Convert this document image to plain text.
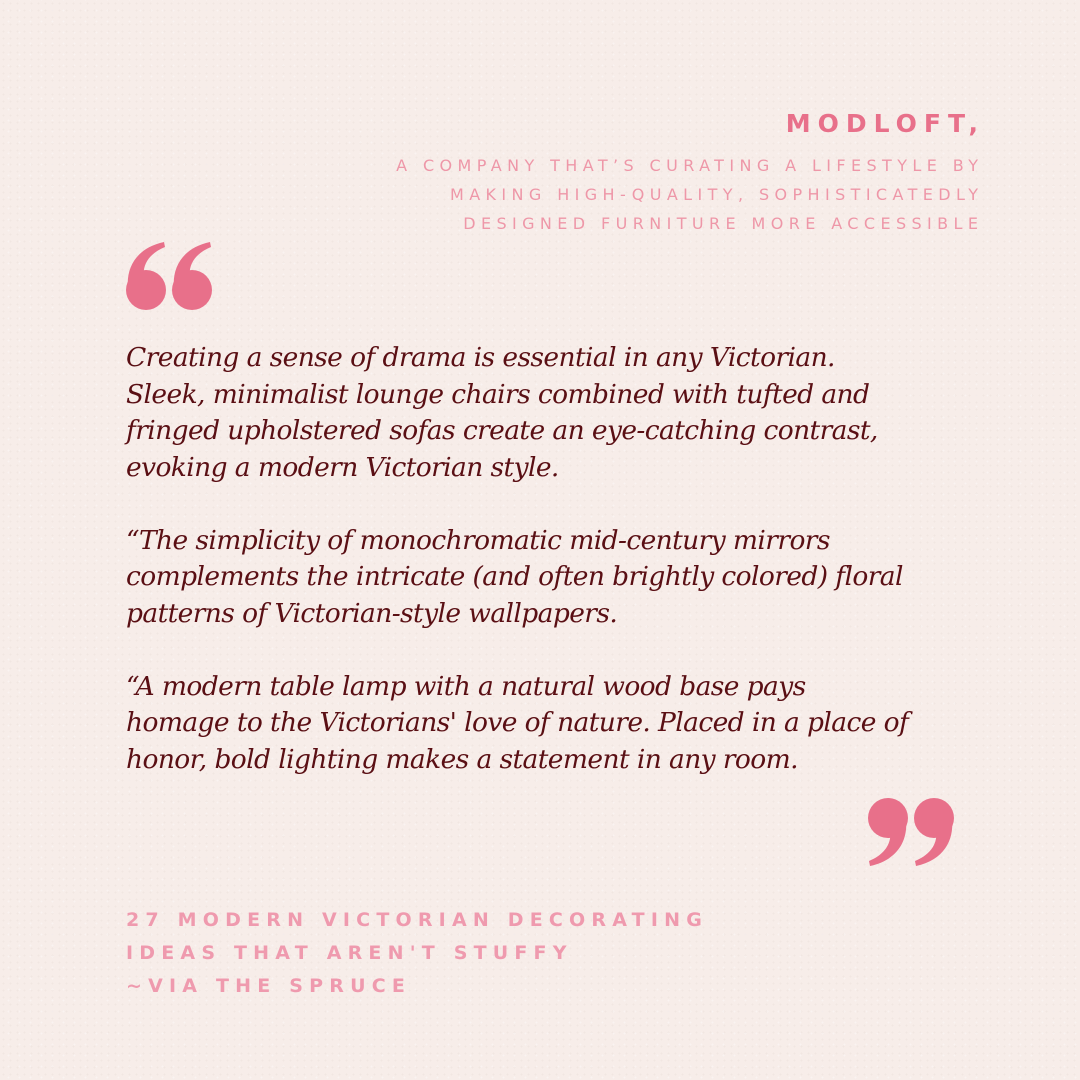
MODLOFT,
A COMPANY THAT’S CURATING A LIFESTYLE BY
MAKING HIGH-QUALITY, SOPHISTICATEDLY
DESIGNED FURNITURE MORE ACCESSIBLE
Creating a sense of drama is essential in any Victorian.
Sleek, minimalist lounge chairs combined with tufted and
fringed upholstered sofas create an eye-catching contrast,
evoking a modern Victorian style.
“The simplicity of monochromatic mid-century mirrors
complements the intricate (and often brightly colored) floral
patterns of Victorian-style wallpapers.
“A modern table lamp with a natural wood base pays
homage to the Victorians' love of nature. Placed in a place of
honor, bold lighting makes a statement in any room.
27 MODERN VICTORIAN DECORATING
IDEAS THAT AREN'T STUFFY
~VIA THE SPRUCE
